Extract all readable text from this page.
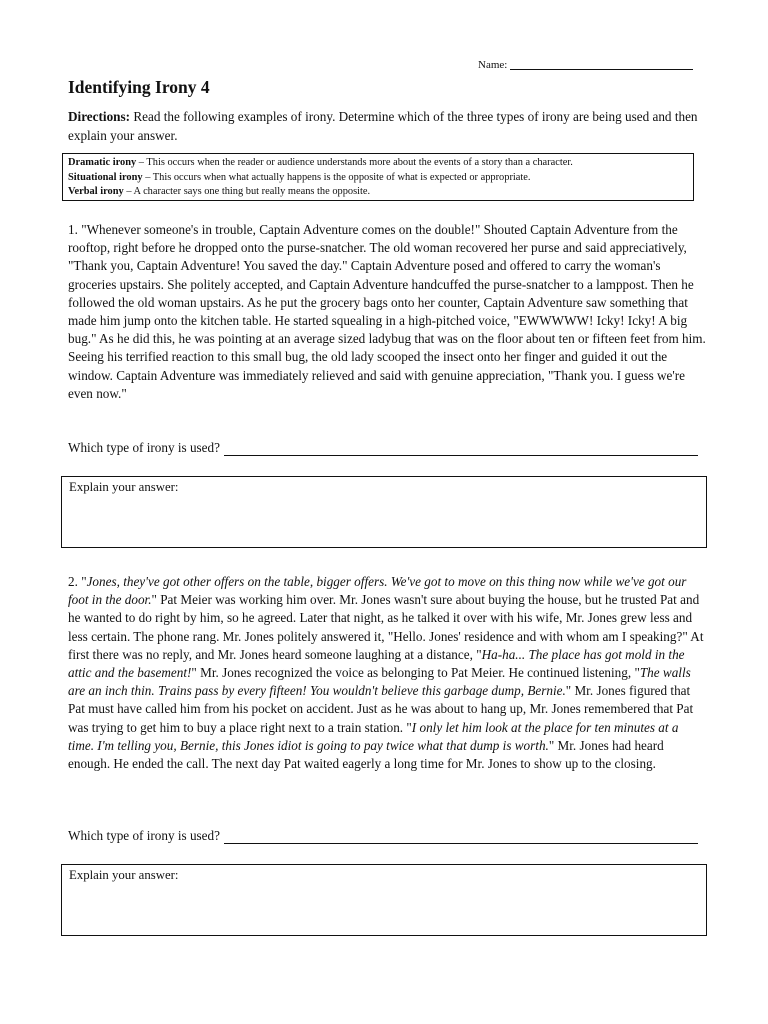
Name:
Identifying Irony 4

Directions: Read the following examples of irony. Determine which of the three types of irony are being used and then explain your answer.

Dramatic irony – This occurs when the reader or audience understands more about the events of a story than a character.
Situational irony – This occurs when what actually happens is the opposite of what is expected or appropriate.
Verbal irony – A character says one thing but really means the opposite.

1. "Whenever someone's in trouble, Captain Adventure comes on the double!" Shouted Captain Adventure from the rooftop, right before he dropped onto the purse-snatcher. The old woman recovered her purse and said appreciatively, "Thank you, Captain Adventure! You saved the day." Captain Adventure posed and offered to carry the woman's groceries upstairs. She politely accepted, and Captain Adventure handcuffed the purse-snatcher to a lamppost. Then he followed the old woman upstairs. As he put the grocery bags onto her counter, Captain Adventure saw something that made him jump onto the kitchen table. He started squealing in a high-pitched voice, "EWWWWW! Icky! Icky! A big bug." As he did this, he was pointing at an average sized ladybug that was on the floor about ten or fifteen feet from him. Seeing his terrified reaction to this small bug, the old lady scooped the insect onto her finger and guided it out the window. Captain Adventure was immediately relieved and said with genuine appreciation, "Thank you. I guess we're even now."

Which type of irony is used?
Explain your answer:

2. "Jones, they've got other offers on the table, bigger offers. We've got to move on this thing now while we've got our foot in the door." Pat Meier was working him over. Mr. Jones wasn't sure about buying the house, but he trusted Pat and he wanted to do right by him, so he agreed. Later that night, as he talked it over with his wife, Mr. Jones grew less and less certain. The phone rang. Mr. Jones politely answered it, "Hello. Jones' residence and with whom am I speaking?" At first there was no reply, and Mr. Jones heard someone laughing at a distance, "Ha-ha... The place has got mold in the attic and the basement!" Mr. Jones recognized the voice as belonging to Pat Meier. He continued listening, "The walls are an inch thin. Trains pass by every fifteen! You wouldn't believe this garbage dump, Bernie." Mr. Jones figured that Pat must have called him from his pocket on accident. Just as he was about to hang up, Mr. Jones remembered that Pat was trying to get him to buy a place right next to a train station. "I only let him look at the place for ten minutes at a time. I'm telling you, Bernie, this Jones idiot is going to pay twice what that dump is worth." Mr. Jones had heard enough. He ended the call. The next day Pat waited eagerly a long time for Mr. Jones to show up to the closing.

Which type of irony is used?
Explain your answer:
